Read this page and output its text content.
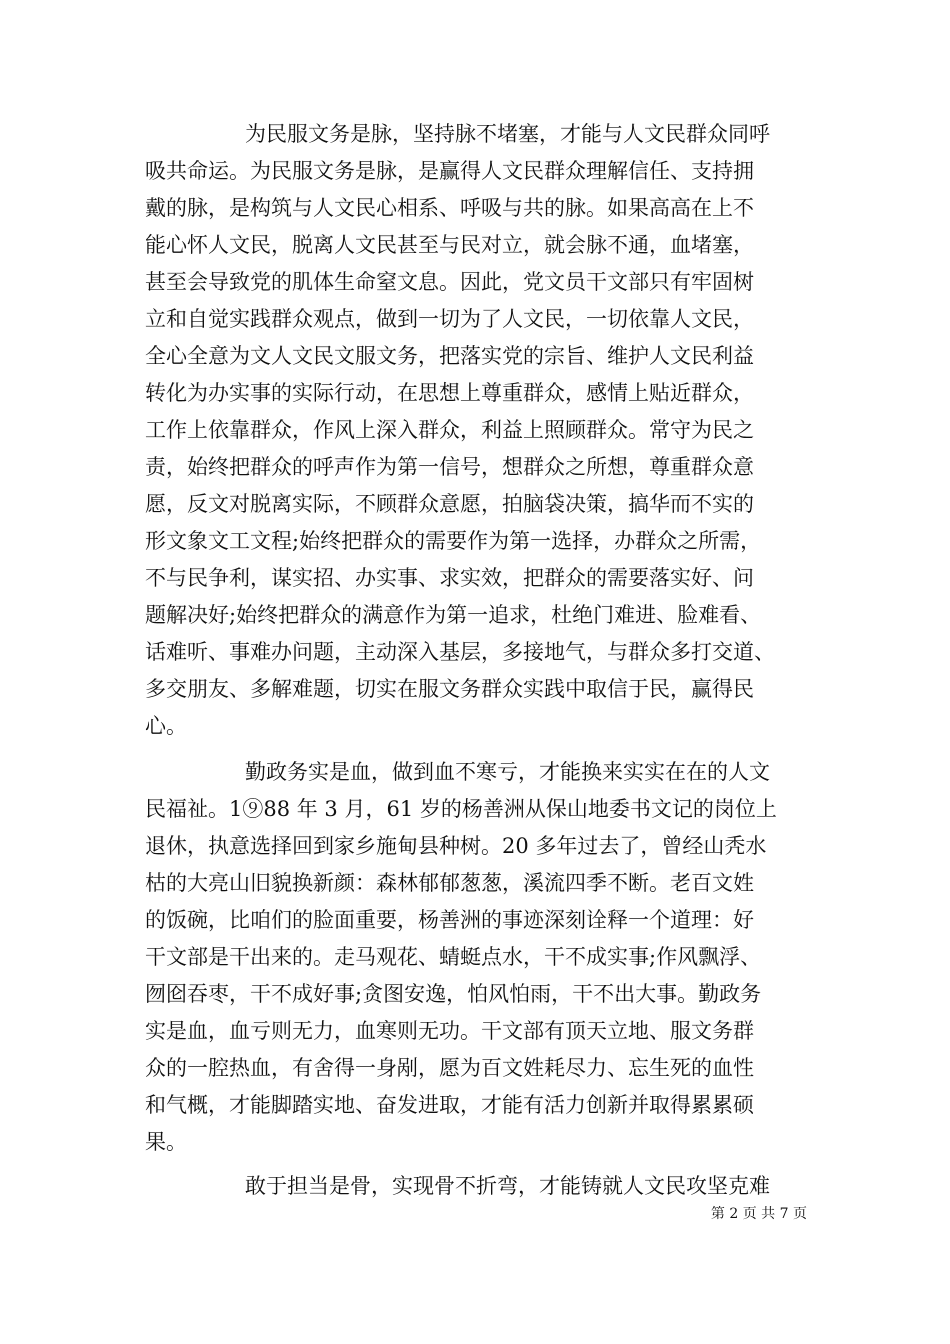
为民服文务是脉，坚持脉不堵塞，才能与人文民群众同呼
吸共命运。为民服文务是脉，是赢得人文民群众理解信任、支持拥
戴的脉，是构筑与人文民心相系、呼吸与共的脉。如果高高在上不
能心怀人文民，脱离人文民甚至与民对立，就会脉不通，血堵塞，
甚至会导致党的肌体生命窒文息。因此，党文员干文部只有牢固树
立和自觉实践群众观点，做到一切为了人文民，一切依靠人文民，
全心全意为文人文民文服文务，把落实党的宗旨、维护人文民利益
转化为办实事的实际行动，在思想上尊重群众，感情上贴近群众，
工作上依靠群众，作风上深入群众，利益上照顾群众。常守为民之
责，始终把群众的呼声作为第一信号，想群众之所想，尊重群众意
愿，反文对脱离实际，不顾群众意愿，拍脑袋决策，搞华而不实的
形文象文工文程;始终把群众的需要作为第一选择，办群众之所需，
不与民争利，谋实招、办实事、求实效，把群众的需要落实好、问
题解决好;始终把群众的满意作为第一追求，杜绝门难进、脸难看、
话难听、事难办问题，主动深入基层，多接地气，与群众多打交道、
多交朋友、多解难题，切实在服文务群众实践中取信于民，赢得民
心。
勤政务实是血，做到血不寒亏，才能换来实实在在的人文
民福祉。1⑨88 年 3 月，61 岁的杨善洲从保山地委书文记的岗位上
退休，执意选择回到家乡施甸县种树。20 多年过去了，曾经山秃水
枯的大亮山旧貌换新颜：森林郁郁葱葱，溪流四季不断。老百文姓
的饭碗，比咱们的脸面重要，杨善洲的事迹深刻诠释一个道理：好
干文部是干出来的。走马观花、蜻蜓点水，干不成实事;作风飘浮、
囫囵吞枣，干不成好事;贪图安逸，怕风怕雨，干不出大事。勤政务
实是血，血亏则无力，血寒则无功。干文部有顶天立地、服文务群
众的一腔热血，有舍得一身剐，愿为百文姓耗尽力、忘生死的血性
和气概，才能脚踏实地、奋发进取，才能有活力创新并取得累累硕
果。
敢于担当是骨，实现骨不折弯，才能铸就人文民攻坚克难
第 2 页 共 7 页
